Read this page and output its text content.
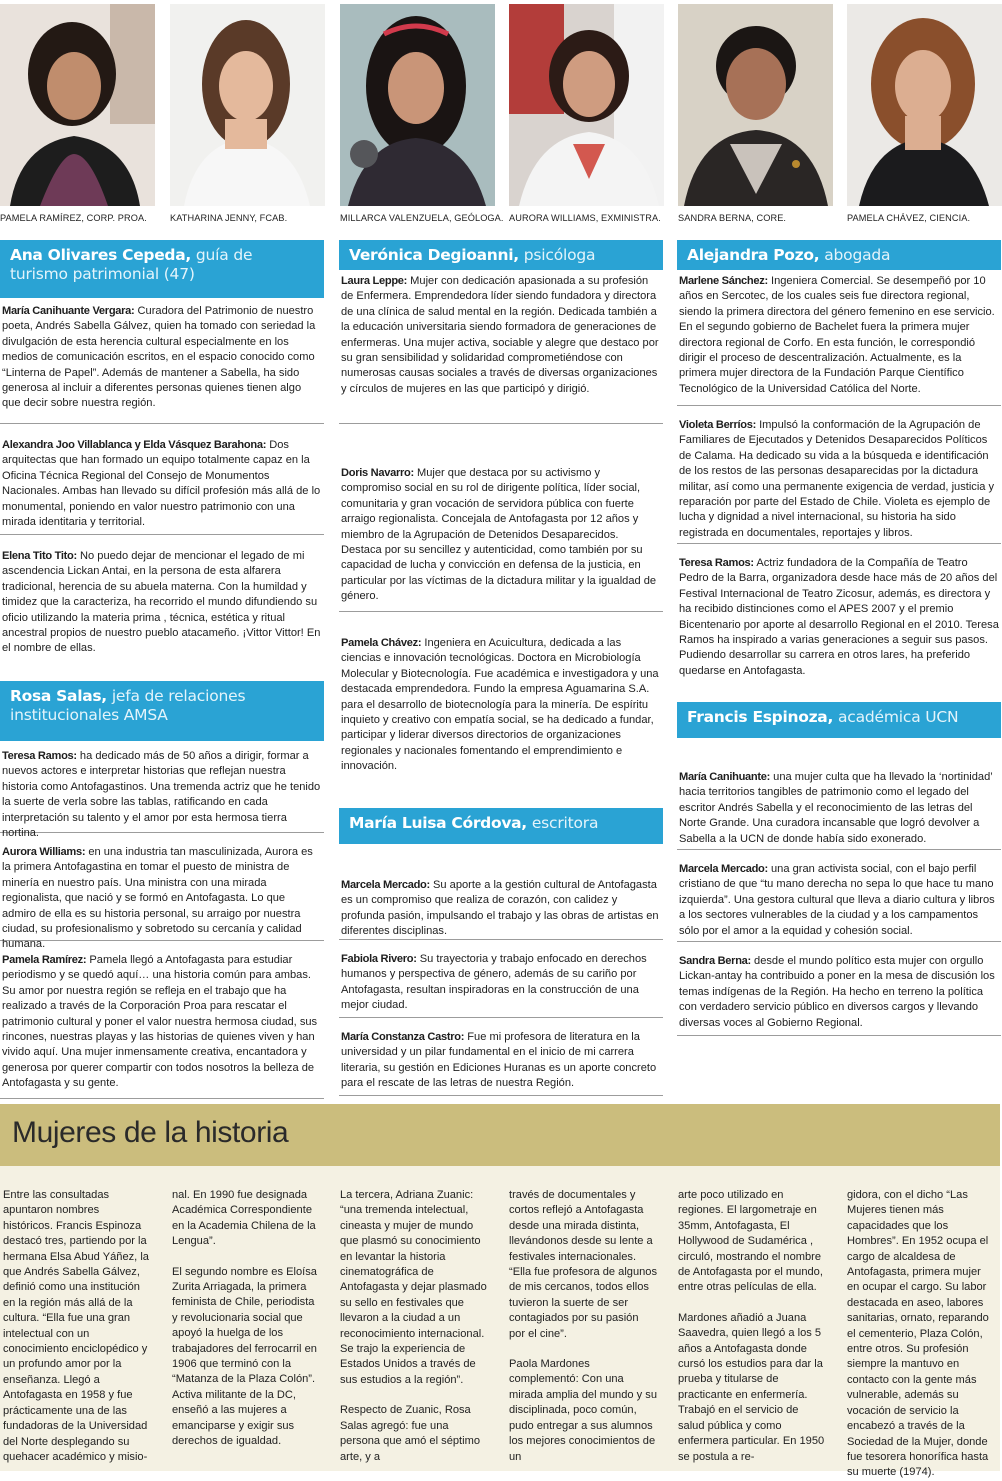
PAMELA RAMÍREZ, CORP. PROA.	KATHARINA JENNY, FCAB.	MILLARCA VALENZUELA, GEÓLOGA. AURORA WILLIAMS, EXMINISTRA.	SANDRA BERNA, CORE.	PAMELA CHÁVEZ, CIENCIA.
Ana Olivares Cepeda, guía de turismo patrimonial (47)
María Canihuante Vergara: Curadora del Patrimonio de nuestro poeta, Andrés Sabella Gálvez, quien ha tomado con seriedad la divulgación de esta herencia cultural especialmente en los medios de comunicación escritos, en el espacio conocido como “Linterna de Papel”. Además de mantener a Sabella, ha sido generosa al incluir a diferentes personas quienes tienen algo que decir sobre nuestra región.
Alexandra Joo Villablanca y Elda Vásquez Barahona: Dos arquitectas que han formado un equipo totalmente capaz en la Oficina Técnica Regional del Consejo de Monumentos Nacionales. Ambas han llevado su difícil profesión más allá de lo monumental, poniendo en valor nuestro patrimonio con una mirada identitaria y territorial.
Elena Tito Tito: No puedo dejar de mencionar el legado de mi ascendencia Lickan Antai, en la persona de esta alfarera tradicional, herencia de su abuela materna. Con la humildad y timidez que la caracteriza, ha recorrido el mundo difundiendo su oficio utilizando la materia prima , técnica, estética y ritual ancestral propios de nuestro pueblo atacameño. ¡Vittor Vittor! En el nombre de ellas.
Rosa Salas, jefa de relaciones institucionales AMSA
Teresa Ramos: ha dedicado más de 50 años a dirigir, formar a nuevos actores e interpretar historias que reflejan nuestra historia como Antofagastinos. Una tremenda actriz que he tenido la suerte de verla sobre las tablas, ratificando en cada interpretación su talento y el amor por esta hermosa tierra nortina.
Aurora Williams: en una industria tan masculinizada, Aurora es la primera Antofagastina en tomar el puesto de ministra de minería en nuestro país. Una ministra con una mirada regionalista, que nació y se formó en Antofagasta. Lo que admiro de ella es su historia personal, su arraigo por nuestra ciudad, su profesionalismo y sobretodo su cercanía y calidad humana.
Pamela Ramírez: Pamela llegó a Antofagasta para estudiar periodismo y se quedó aquí… una historia común para ambas. Su amor por nuestra región se refleja en el trabajo que ha realizado a través de la Corporación Proa para rescatar el patrimonio cultural y poner el valor nuestra hermosa ciudad, sus rincones, nuestras playas y las historias de quienes viven y han vivido aquí. Una mujer inmensamente creativa, encantadora y generosa por querer compartir con todos nosotros la belleza de Antofagasta y su gente.
Verónica Degioanni, psicóloga
Laura Leppe: Mujer con dedicación apasionada a su profesión de Enfermera. Emprendedora líder siendo fundadora y directora de una clínica de salud mental en la región. Dedicada también a la educación universitaria siendo formadora de generaciones de enfermeras. Una mujer activa, sociable y alegre que destaco por su gran sensibilidad y solidaridad comprometiéndose con numerosas causas sociales a través de diversas organizaciones y círculos de mujeres en las que participó y dirigió.
Doris Navarro: Mujer que destaca por su activismo y compromiso social en su rol de dirigente política, líder social, comunitaria y gran vocación de servidora pública con fuerte arraigo regionalista. Concejala de Antofagasta por 12 años y miembro de la Agrupación de Detenidos Desaparecidos. Destaca por su sencillez y autenticidad, como también por su capacidad de lucha y convicción en defensa de la justicia, en particular por las víctimas de la dictadura militar y la igualdad de género.
Pamela Chávez: Ingeniera en Acuicultura, dedicada a las ciencias e innovación tecnológicas. Doctora en Microbiología Molecular y Biotecnología. Fue académica e investigadora y una destacada emprendedora. Fundo la empresa Aguamarina S.A. para el desarrollo de biotecnología para la minería. De espíritu inquieto y creativo con empatía social, se ha dedicado a fundar, participar y liderar diversos directorios de organizaciones regionales y nacionales fomentando el emprendimiento e innovación.
María Luisa Córdova, escritora
Marcela Mercado: Su aporte a la gestión cultural de Antofagasta es un compromiso que realiza de corazón, con calidez y profunda pasión, impulsando el trabajo y las obras de artistas en diferentes disciplinas.
Fabiola Rivero: Su trayectoria y trabajo enfocado en derechos humanos y perspectiva de género, además de su cariño por Antofagasta, resultan inspiradoras en la construcción de una mejor ciudad.
María Constanza Castro: Fue mi profesora de literatura en la universidad y un pilar fundamental en el inicio de mi carrera literaria, su gestión en Ediciones Huranas es un aporte concreto para el rescate de las letras de nuestra Región.
Alejandra Pozo, abogada
Marlene Sánchez: Ingeniera Comercial. Se desempeñó por 10 años en Sercotec, de los cuales seis fue directora regional, siendo la primera directora del género femenino en ese servicio. En el segundo gobierno de Bachelet fuera la primera mujer directora regional de Corfo. En esta función, le correspondió dirigir el proceso de descentralización. Actualmente, es la primera mujer directora de la Fundación Parque Científico Tecnológico de la Universidad Católica del Norte.
Violeta Berríos: Impulsó la conformación de la Agrupación de Familiares de Ejecutados y Detenidos Desaparecidos Políticos de Calama. Ha dedicado su vida a la búsqueda e identificación de los restos de las personas desaparecidas por la dictadura militar, así como una permanente exigencia de verdad, justicia y reparación por parte del Estado de Chile. Violeta es ejemplo de lucha y dignidad a nivel internacional, su historia ha sido registrada en documentales, reportajes y libros.
Teresa Ramos: Actriz fundadora de la Compañía de Teatro Pedro de la Barra, organizadora desde hace más de 20 años del Festival Internacional de Teatro Zicosur, además, es directora y ha recibido distinciones como el APES 2007 y el premio Bicentenario por aporte al desarrollo Regional en el 2010. Teresa Ramos ha inspirado a varias generaciones a seguir sus pasos. Pudiendo desarrollar su carrera en otros lares, ha preferido quedarse en Antofagasta.
Francis Espinoza, académica UCN
María Canihuante: una mujer culta que ha llevado la ‘nortinidad’ hacia territorios tangibles de patrimonio como el legado del escritor Andrés Sabella y el reconocimiento de las letras del Norte Grande. Una curadora incansable que logró devolver a Sabella a la UCN de donde había sido exonerado.
Marcela Mercado: una gran activista social, con el bajo perfil cristiano de que “tu mano derecha no sepa lo que hace tu mano izquierda”. Una gestora cultural que lleva a diario cultura y libros a los sectores vulnerables de la ciudad y a los campamentos sólo por el amor a la equidad y cohesión social.
Sandra Berna: desde el mundo político esta mujer con orgullo Lickan-antay ha contribuido a poner en la mesa de discusión los temas indígenas de la Región. Ha hecho en terreno la política con verdadero servicio público en diversos cargos y llevando diversas voces al Gobierno Regional.
Mujeres de la historia

Entre las consultadas apuntaron nombres históricos. Francis Espinoza destacó tres, partiendo por la hermana Elsa Abud Yáñez, la que Andrés Sabella Gálvez, definió como una institución en la región más allá de la cultura. “Ella fue una gran intelectual con un conocimiento enciclopédico y un profundo amor por la enseñanza. Llegó a Antofagasta en 1958 y fue prácticamente una de las fundadoras de la Universidad del Norte desplegando su quehacer académico y misio-

nal. En 1990 fue designada Académica Correspondiente en la Academia Chilena de la Lengua”.

El segundo nombre es Eloísa Zurita Arriagada, la primera feminista de Chile, periodista y revolucionaria social que apoyó la huelga de los trabajadores del ferrocarril en 1906 que terminó con la “Matanza de la Plaza Colón”. Activa militante de la DC, enseñó a las mujeres a emanciparse y exigir sus derechos de igualdad.

La tercera, Adriana Zuanic: “una tremenda intelectual, cineasta y mujer de mundo que plasmó su conocimiento en levantar la historia cinematográfica de Antofagasta y dejar plasmado su sello en festivales que llevaron a la ciudad a un reconocimiento internacional. Se trajo la experiencia de Estados Unidos a través de sus estudios a la región”.

Respecto de Zuanic, Rosa Salas agregó: fue una persona que amó el séptimo arte, y a

través de documentales y cortos reflejó a Antofagasta desde una mirada distinta, llevándonos desde su lente a festivales internacionales. “Ella fue profesora de algunos de mis cercanos, todos ellos tuvieron la suerte de ser contagiados por su pasión por el cine”.

Paola Mardones complementó: Con una mirada amplia del mundo y su disciplinada, poco común, pudo entregar a sus alumnos los mejores conocimientos de un

arte poco utilizado en regiones. El largometraje en 35mm, Antofagasta, El Hollywood de Sudamérica , circuló, mostrando el nombre de Antofagasta por el mundo, entre otras películas de ella.

Mardones añadió a Juana Saavedra, quien llegó a los 5 años a Antofagasta donde cursó los estudios para dar la prueba y titularse de practicante en enfermería. Trabajó en el servicio de salud pública y como enfermera particular. En 1950 se postula a re-

gidora, con el dicho “Las Mujeres tienen más capacidades que los Hombres”. En 1952 ocupa el cargo de alcaldesa de Antofagasta, primera mujer en ocupar el cargo. Su labor destacada en aseo, labores sanitarias, ornato, reparando el cementerio, Plaza Colón, entre otros. Su profesión siempre la mantuvo en contacto con la gente más vulnerable, además su vocación de servicio la encabezó a través de la Sociedad de la Mujer, donde fue tesorera honorífica hasta su muerte (1974).
